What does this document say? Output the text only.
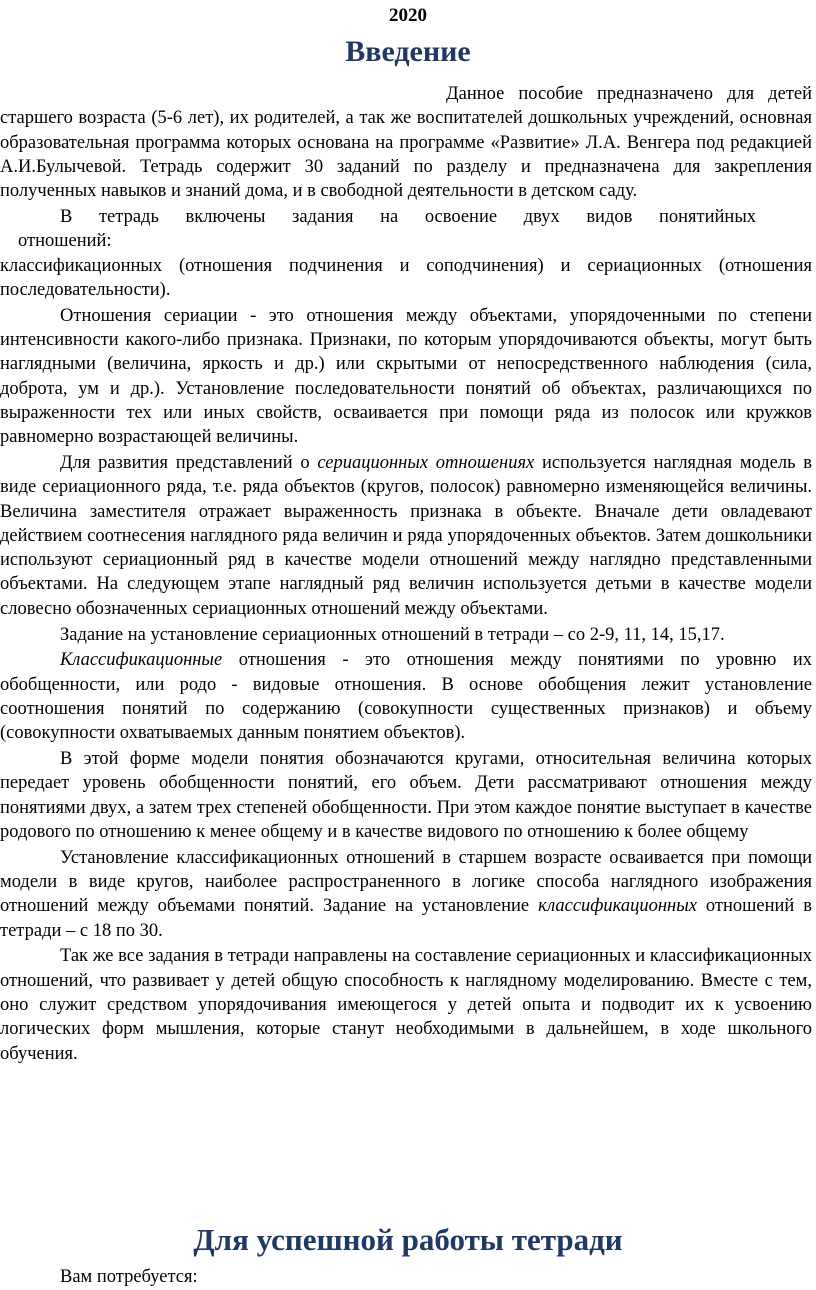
2020
Введение

Данное пособие предназначено для детей старшего возраста (5-6 лет), их родителей, а так же воспитателей дошкольных учреждений, основная образовательная программа которых основана на программе «Развитие» Л.А. Венгера под редакцией А.И.Булычевой. Тетрадь содержит 30 заданий по разделу и предназначена для закрепления полученных навыков и знаний дома, и в свободной деятельности в детском саду.

В тетрадь включены задания на освоение двух видов понятийных
отношений:
классификационных (отношения подчинения и соподчинения) и сериационных (отношения последовательности).

Отношения сериации - это отношения между объектами, упорядоченными по степени интенсивности какого-либо признака. Признаки, по которым упорядочиваются объекты, могут быть наглядными (величина, яркость и др.) или скрытыми от непосредственного наблюдения (сила, доброта, ум и др.). Установление последовательности понятий об объектах, различающихся по выраженности тех или иных свойств, осваивается при помощи ряда из полосок или кружков равномерно возрастающей величины.

Для развития представлений о сериационных отношениях используется наглядная модель в виде сериационного ряда, т.е. ряда объектов (кругов, полосок) равномерно изменяющейся величины. Величина заместителя отражает выраженность признака в объекте. Вначале дети овладевают действием соотнесения наглядного ряда величин и ряда упорядоченных объектов. Затем дошкольники используют сериационный ряд в качестве модели отношений между наглядно представленными объектами. На следующем этапе наглядный ряд величин используется детьми в качестве модели словесно обозначенных сериационных отношений между объектами.

Задание на установление сериационных отношений в тетради – со 2-9, 11, 14, 15,17.

Классификационные отношения - это отношения между понятиями по уровню их обобщенности, или родо - видовые отношения. В основе обобщения лежит установление соотношения понятий по содержанию (совокупности существенных признаков) и объему (совокупности охватываемых данным понятием объектов).

В этой форме модели понятия обозначаются кругами, относительная величина которых передает уровень обобщенности понятий, его объем. Дети рассматривают отношения между понятиями двух, а затем трех степеней обобщенности. При этом каждое понятие выступает в качестве родового по отношению к менее общему и в качестве видового по отношению к более общему

Установление классификационных отношений в старшем возрасте осваивается при помощи модели в виде кругов, наиболее распространенного в логике способа наглядного изображения отношений между объемами понятий. Задание на установление классификационных отношений в тетради – с 18 по 30.

Так же все задания в тетради направлены на составление сериационных и классификационных отношений, что развивает у детей общую способность к наглядному моделированию. Вместе с тем, оно служит средством упорядочивания имеющегося у детей опыта и подводит их к усвоению логических форм мышления, которые станут необходимыми в дальнейшем, в ходе школьного обучения.

Для успешной работы тетради
Вам потребуется:
